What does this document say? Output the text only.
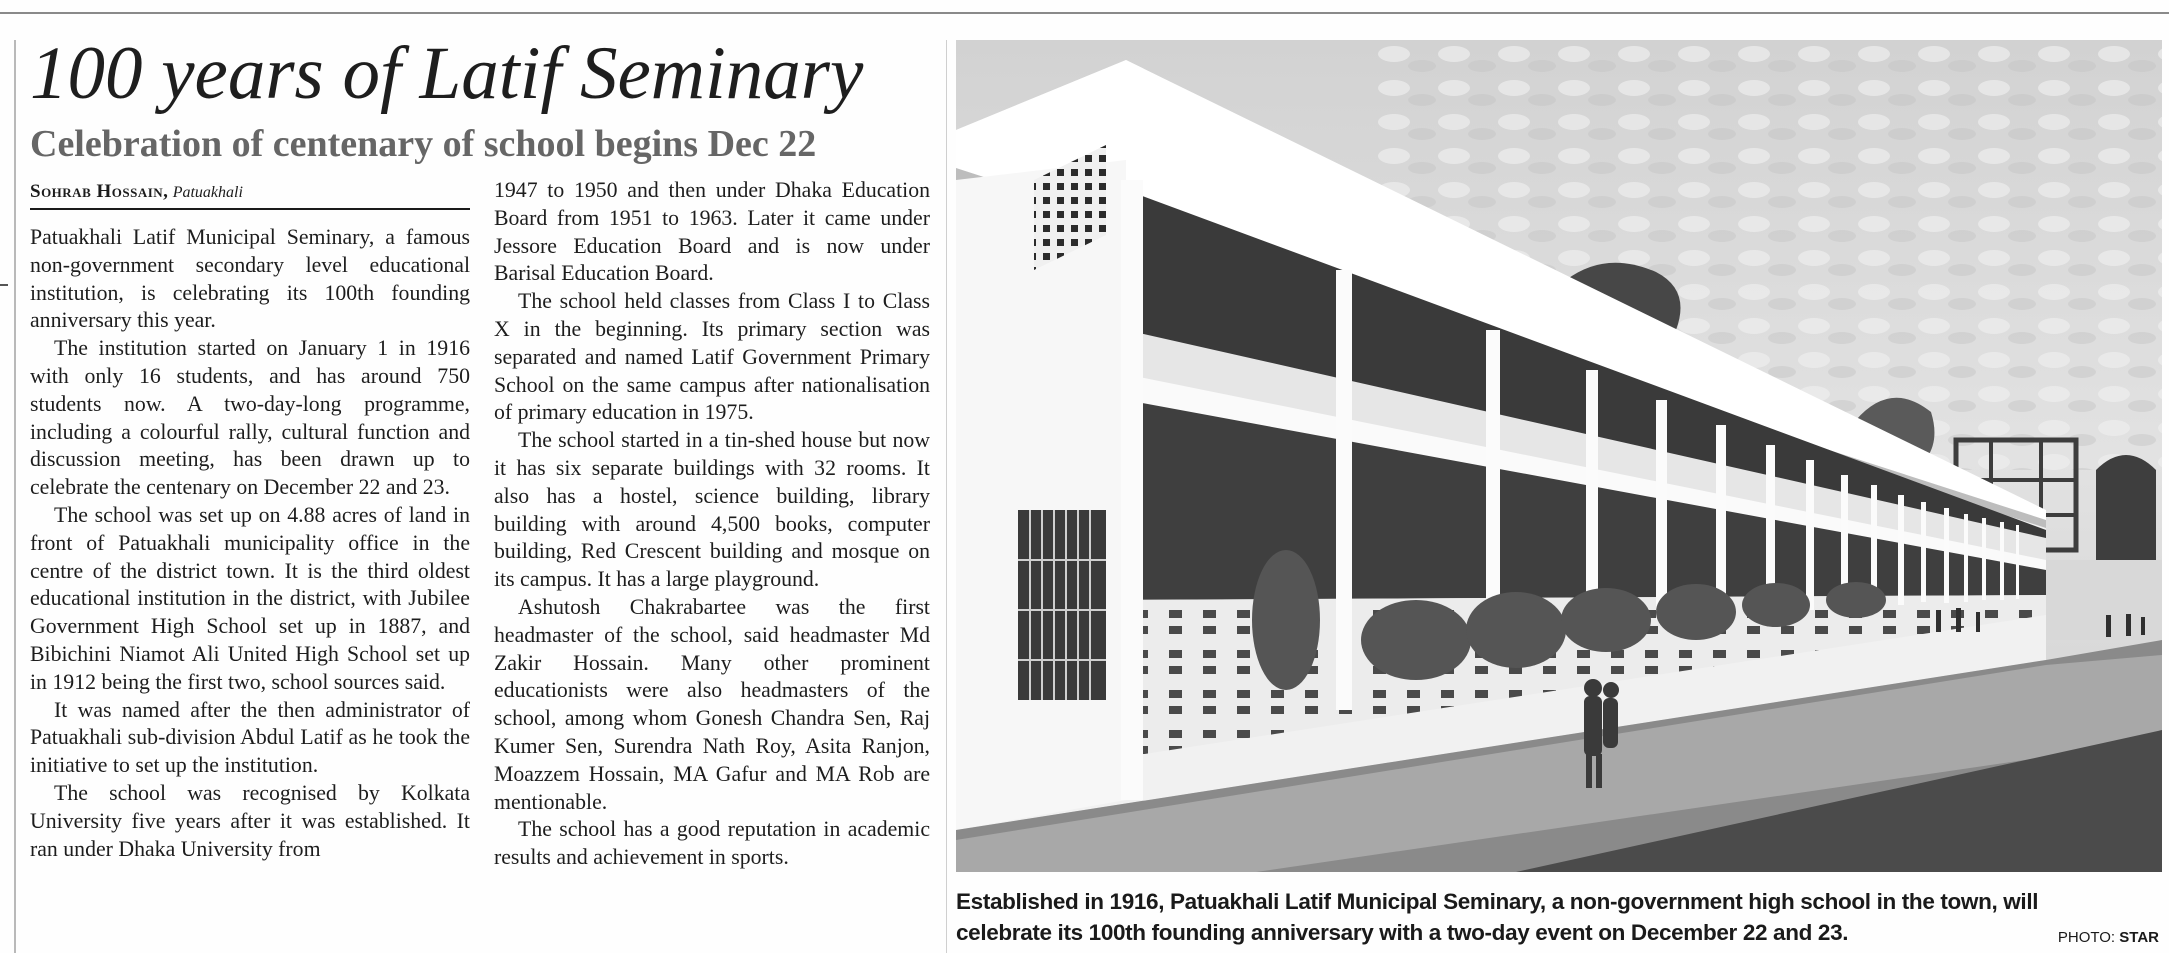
100 years of Latif Seminary
Celebration of centenary of school begins Dec 22
Sohrab Hossain, Patuakhali

Patuakhali Latif Municipal Seminary, a famous non-government secondary level educational institution, is celebrating its 100th founding anniversary this year.

The institution started on January 1 in 1916 with only 16 students, and has around 750 students now. A two-day-long programme, including a colourful rally, cultural function and discussion meeting, has been drawn up to celebrate the centenary on December 22 and 23.

The school was set up on 4.88 acres of land in front of Patuakhali municipality office in the centre of the district town. It is the third oldest educational institution in the district, with Jubilee Government High School set up in 1887, and Bibichini Niamot Ali United High School set up in 1912 being the first two, school sources said.

It was named after the then administrator of Patuakhali sub-division Abdul Latif as he took the initiative to set up the institution.

The school was recognised by Kolkata University five years after it was established. It ran under Dhaka University from

1947 to 1950 and then under Dhaka Education Board from 1951 to 1963. Later it came under Jessore Education Board and is now under Barisal Education Board.

The school held classes from Class I to Class X in the beginning. Its primary section was separated and named Latif Government Primary School on the same campus after nationalisation of primary education in 1975.

The school started in a tin-shed house but now it has six separate buildings with 32 rooms. It also has a hostel, science building, library building with around 4,500 books, computer building, Red Crescent building and mosque on its campus. It has a large playground.

Ashutosh Chakrabartee was the first headmaster of the school, said headmaster Md Zakir Hossain. Many other prominent educationists were also headmasters of the school, among whom Gonesh Chandra Sen, Raj Kumer Sen, Surendra Nath Roy, Asita Ranjon, Moazzem Hossain, MA Gafur and MA Rob are mentionable.

The school has a good reputation in academic results and achievement in sports.

Established in 1916, Patuakhali Latif Municipal Seminary, a non-government high school in the town, will celebrate its 100th founding anniversary with a two-day event on December 22 and 23.	PHOTO: STAR
